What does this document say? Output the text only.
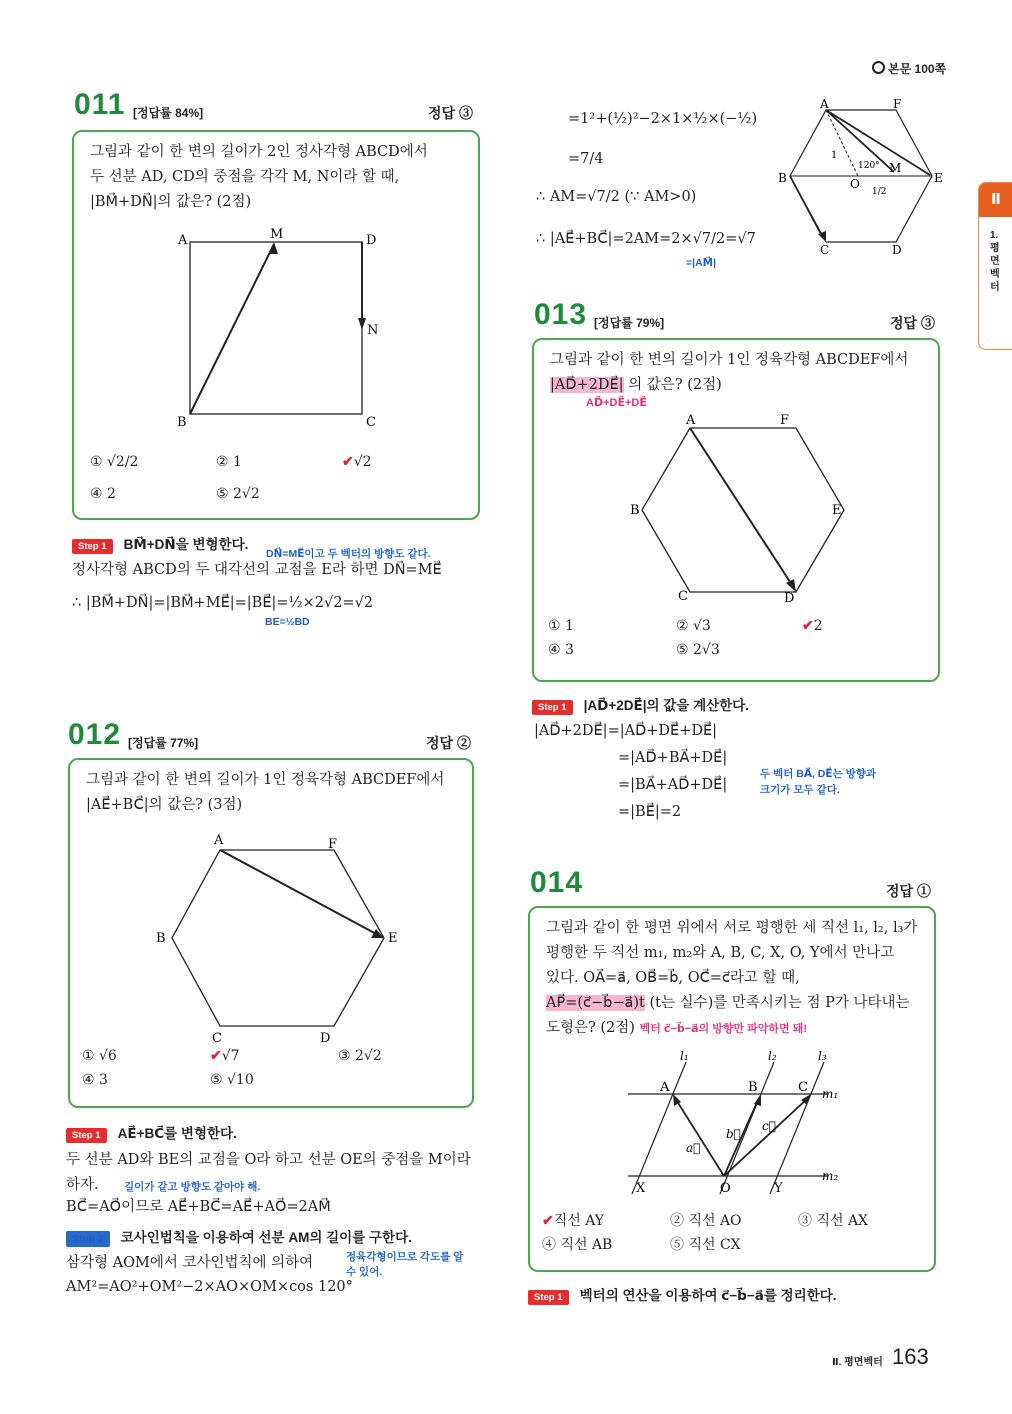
본문 100쪽
Ⅱ
1. 평면벡터
011 [정답률 84%]	정답 ③
그림과 같이 한 변의 길이가 2인 정사각형 ABCD에서
두 선분 AD, CD의 중점을 각각 M, N이라 할 때,
|BM⃗+DN⃗|의 값은? (2점)
A	M	D
N
B	C
① √2/2	② 1	✔√2
④ 2	⑤ 2√2
Step 1 BM⃗+DN⃗을 변형한다.
DN⃗=ME⃗이고 두 벡터의 방향도 같다.
정사각형 ABCD의 두 대각선의 교점을 E라 하면 DN⃗=ME⃗
∴ |BM⃗+DN⃗|=|BM⃗+ME⃗|=|BE⃗|=½×2√2=√2
BE=½BD
012 [정답률 77%]	정답 ②
그림과 같이 한 변의 길이가 1인 정육각형 ABCDEF에서
|AE⃗+BC⃗|의 값은? (3점)
A	F
B	E
C	D
① √6	✔√7	③ 2√2
④ 3	⑤ √10
Step 1 AE⃗+BC⃗를 변형한다.
두 선분 AD와 BE의 교점을 O라 하고 선분 OE의 중점을 M이라
하자. 길이가 같고 방향도 같아야 해.
BC⃗=AO⃗이므로 AE⃗+BC⃗=AE⃗+AO⃗=2AM⃗
Step 2 코사인법칙을 이용하여 선분 AM의 길이를 구한다.
삼각형 AOM에서 코사인법칙에 의하여	정육각형이므로 각도를 알 수 있어.
AM²=AO²+OM²−2×AO×OM×cos 120°
=1²+(½)²−2×1×½×(−½)
=7/4
∴ AM=√7/2 (∵ AM>0)
∴ |AE⃗+BC⃗|=2AM=2×√7/2=√7
=|AM⃗|
A	F
B	E
C	D
O
M
1
1/2
120°
013 [정답률 79%]	정답 ③
그림과 같이 한 변의 길이가 1인 정육각형 ABCDEF에서
|AD⃗+2DE⃗| 의 값은? (2점)
AD⃗+DE⃗+DE⃗
A	F
B	E
C	D
① 1	② √3	✔2
④ 3	⑤ 2√3
Step 1 |AD⃗+2DE⃗|의 값을 계산한다.
|AD⃗+2DE⃗|=|AD⃗+DE⃗+DE⃗|
=|AD⃗+BA⃗+DE⃗|
=|BA⃗+AD⃗+DE⃗|
=|BE⃗|=2
두 벡터 BA⃗, DE⃗는 방향과
크기가 모두 같다.
014	정답 ①
그림과 같이 한 평면 위에서 서로 평행한 세 직선 l₁, l₂, l₃가
평행한 두 직선 m₁, m₂와 A, B, C, X, O, Y에서 만나고
있다. OA⃗=a⃗, OB⃗=b⃗, OC⃗=c⃗라고 할 때,
AP⃗=(c⃗−b⃗−a⃗)t (t는 실수)를 만족시키는 점 P가 나타내는
도형은? (2점) 벡터 c⃗−b⃗−a⃗의 방향만 파악하면 돼!
l₁	l₂	l₃
m₁
m₂
A	B	C
X	O	Y
a⃗
b⃗
c⃗
✔직선 AY	② 직선 AO	③ 직선 AX
④ 직선 AB	⑤ 직선 CX
Step 1 벡터의 연산을 이용하여 c⃗−b⃗−a⃗를 정리한다.
Ⅱ. 평면벡터 163
